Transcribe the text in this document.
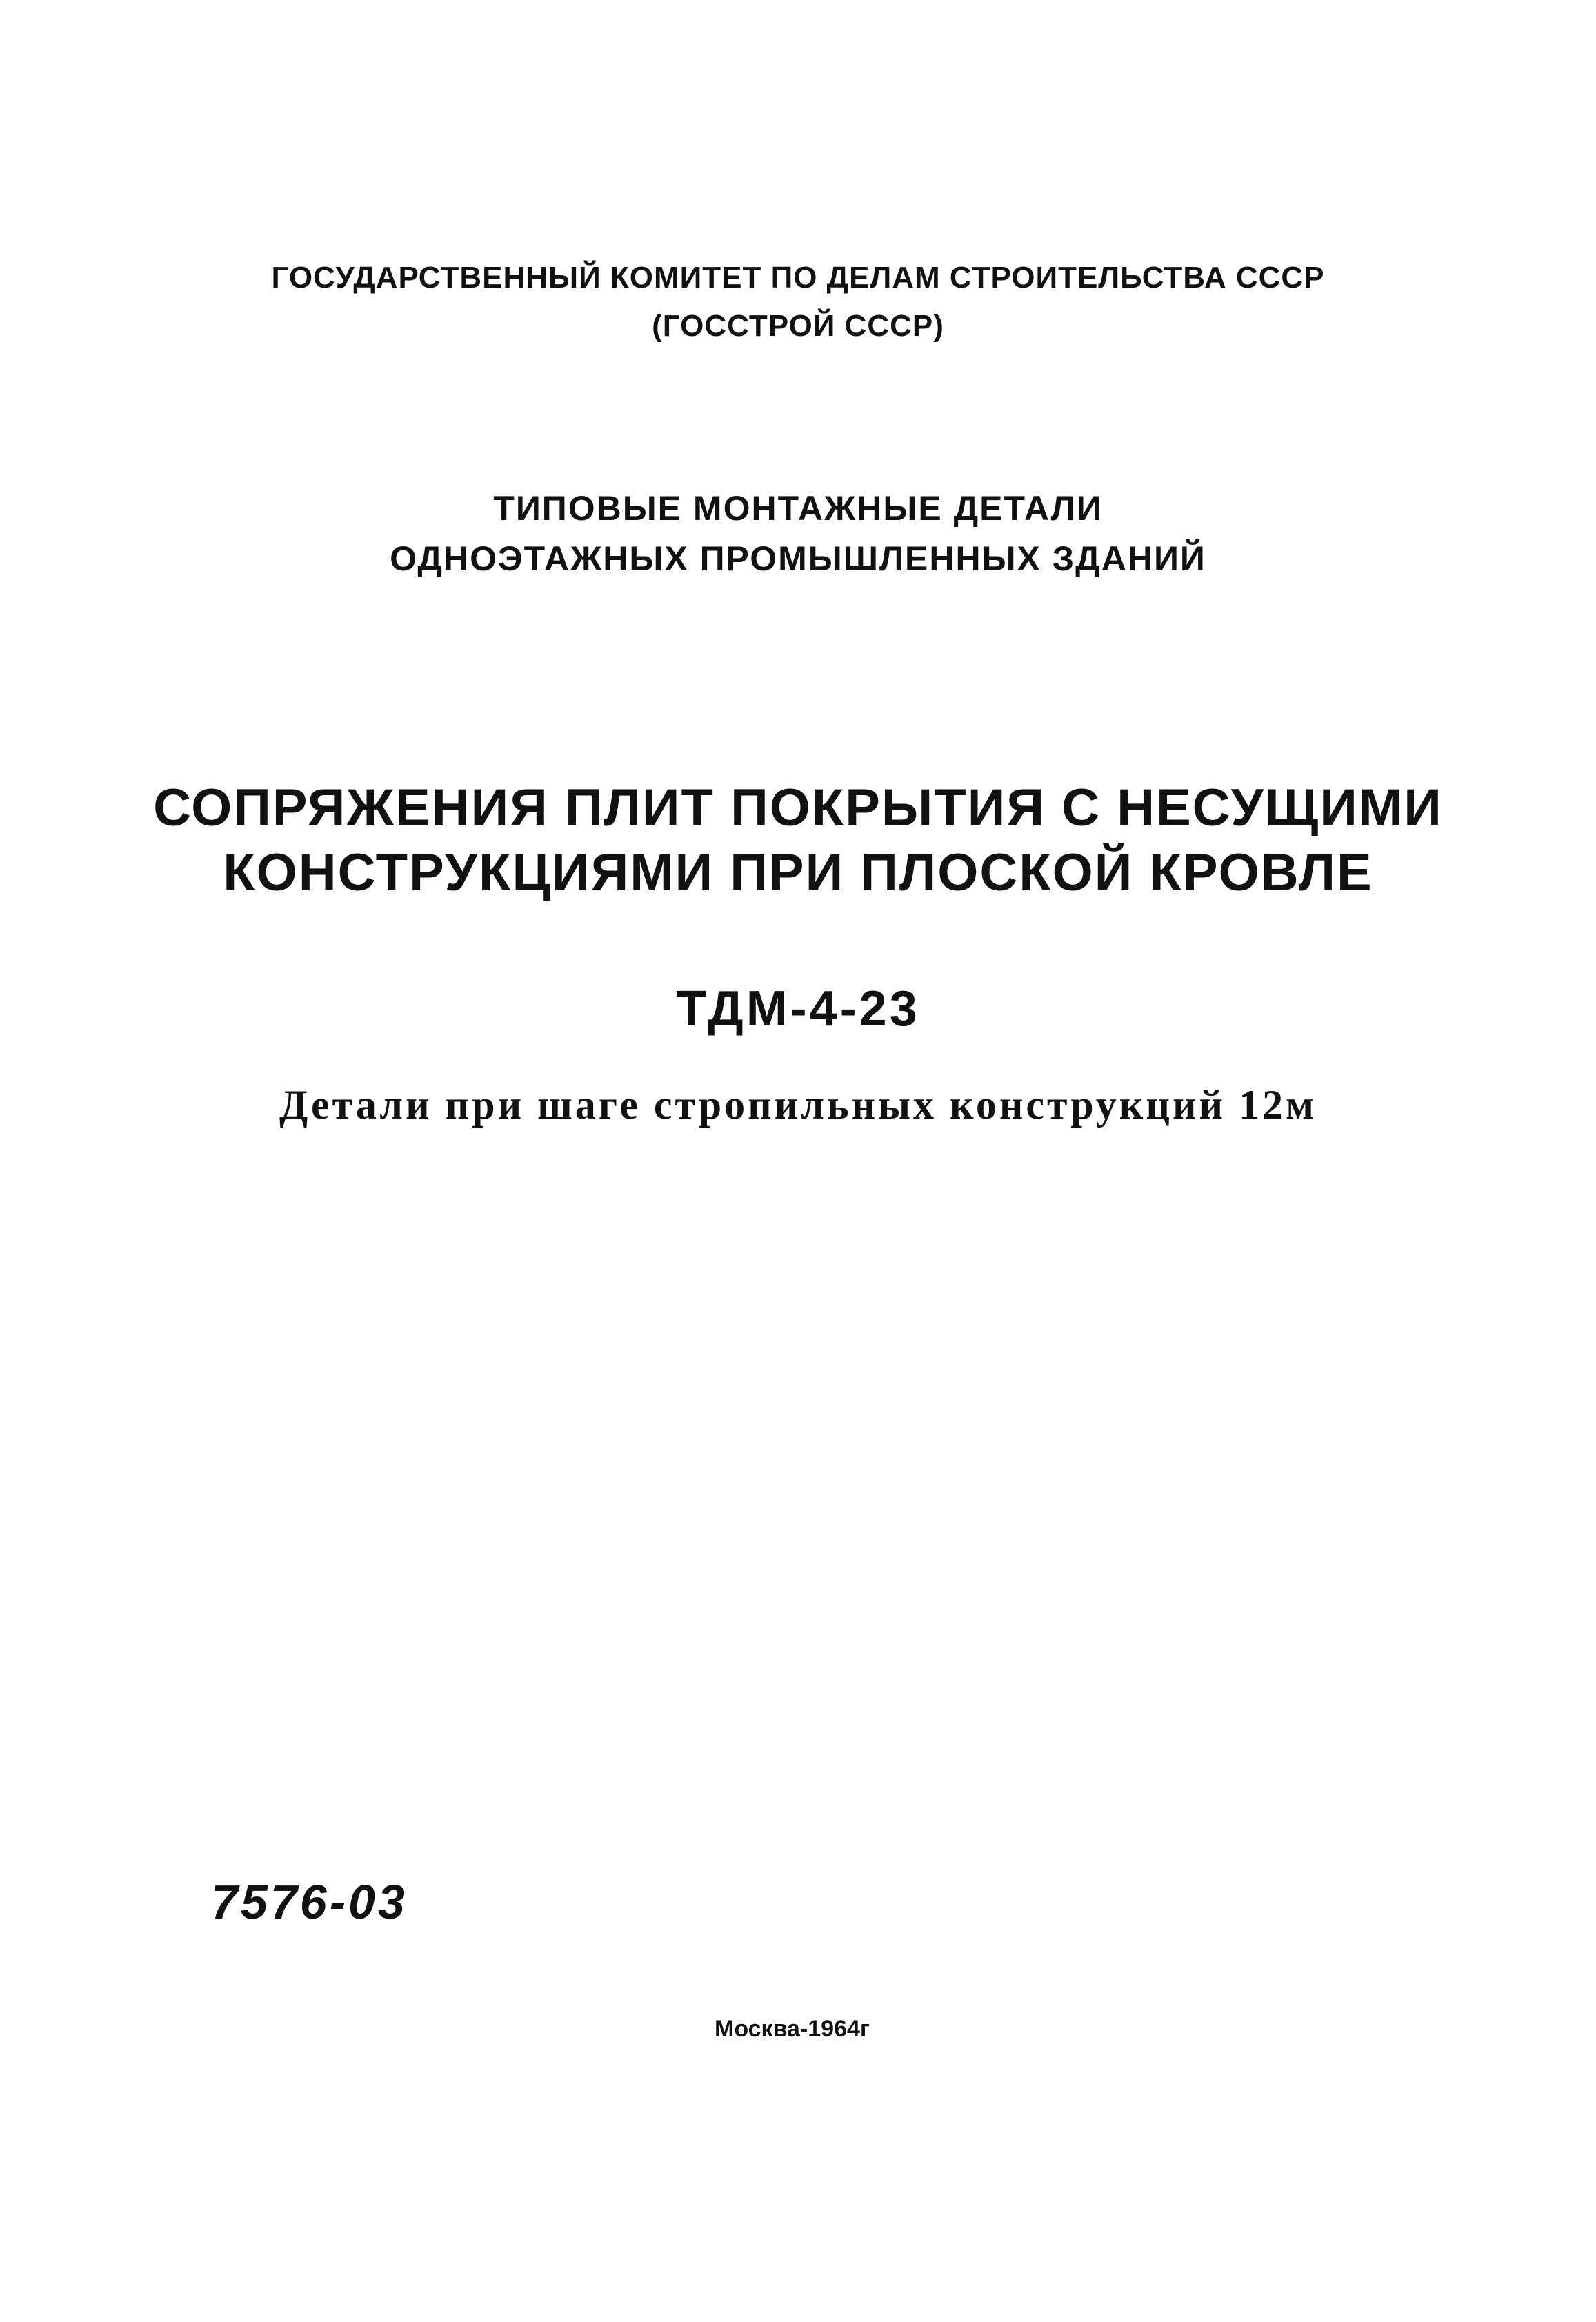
ГОСУДАРСТВЕННЫЙ КОМИТЕТ ПО ДЕЛАМ СТРОИТЕЛЬСТВА СССР
(ГОССТРОЙ СССР)
ТИПОВЫЕ МОНТАЖНЫЕ ДЕТАЛИ
ОДНОЭТАЖНЫХ ПРОМЫШЛЕННЫХ ЗДАНИЙ
СОПРЯЖЕНИЯ ПЛИТ ПОКРЫТИЯ С НЕСУЩИМИ
КОНСТРУКЦИЯМИ ПРИ ПЛОСКОЙ КРОВЛЕ
ТДМ-4-23
Детали при шаге стропильных конструкций 12м
7576-03
Москва-1964г
